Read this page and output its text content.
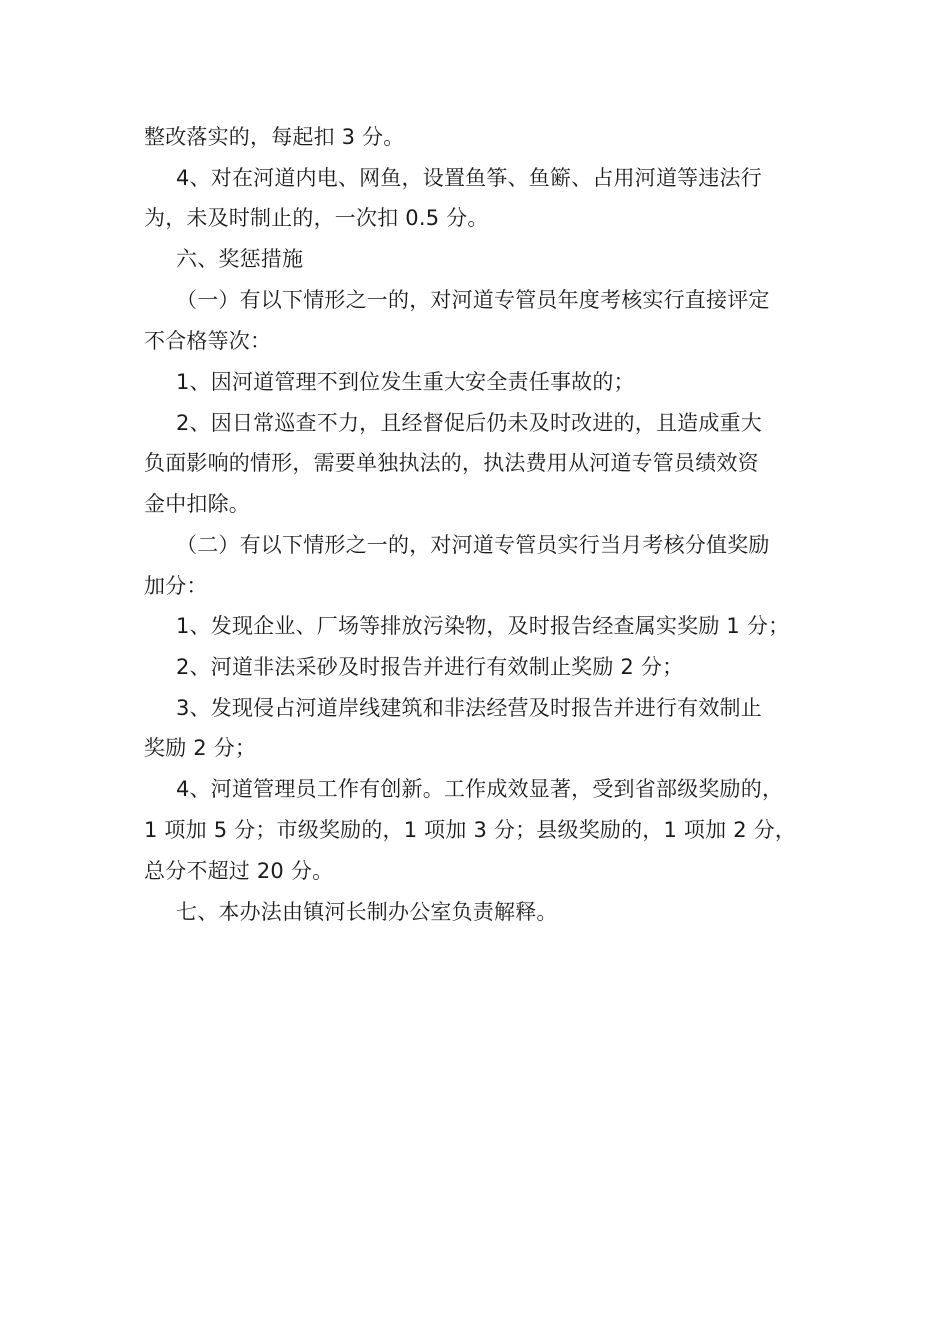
整改落实的，每起扣 3 分。
4、对在河道内电、网鱼，设置鱼筝、鱼簖、占用河道等违法行
为，未及时制止的，一次扣 0.5 分。
六、奖惩措施
（一）有以下情形之一的，对河道专管员年度考核实行直接评定
不合格等次：
1、因河道管理不到位发生重大安全责任事故的；
2、因日常巡查不力，且经督促后仍未及时改进的，且造成重大
负面影响的情形，需要单独执法的，执法费用从河道专管员绩效资
金中扣除。
（二）有以下情形之一的，对河道专管员实行当月考核分值奖励
加分：
1、发现企业、厂场等排放污染物，及时报告经查属实奖励 1 分；
2、河道非法采砂及时报告并进行有效制止奖励 2 分；
3、发现侵占河道岸线建筑和非法经营及时报告并进行有效制止
奖励 2 分；
4、河道管理员工作有创新。工作成效显著，受到省部级奖励的，
1 项加 5 分；市级奖励的，1 项加 3 分；县级奖励的，1 项加 2 分，
总分不超过 20 分。
七、本办法由镇河长制办公室负责解释。
